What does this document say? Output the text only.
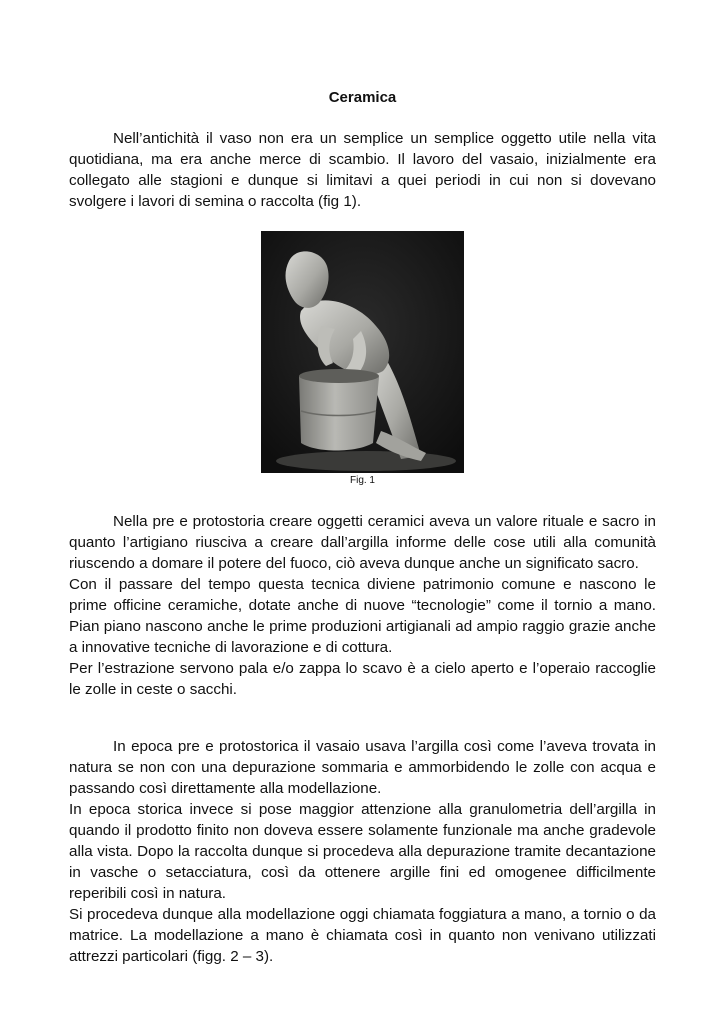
Ceramica

Nell’antichità il vaso non era un semplice un semplice oggetto utile nella vita quotidiana, ma era anche merce di scambio. Il lavoro del vasaio, inizialmente era collegato alle stagioni e dunque si limitavi a quei periodi in cui non si dovevano svolgere i lavori di semina o raccolta (fig 1).

Fig. 1

Nella pre e protostoria creare oggetti ceramici aveva un valore rituale e sacro in quanto l’artigiano riusciva a creare dall’argilla informe delle cose utili alla comunità riuscendo a domare il potere del fuoco, ciò aveva dunque anche un significato sacro.

Con il passare del tempo questa tecnica diviene patrimonio comune e nascono le prime officine ceramiche, dotate anche di nuove “tecnologie” come il tornio a mano. Pian piano nascono anche le prime produzioni artigianali ad ampio raggio grazie anche a innovative tecniche di lavorazione e di cottura.

Per l’estrazione servono pala e/o zappa lo scavo è a cielo aperto e l’operaio raccoglie le zolle in ceste o sacchi.

In epoca pre e protostorica il vasaio usava l’argilla così come l’aveva trovata in natura se non con una depurazione sommaria e ammorbidendo le zolle con acqua e passando così direttamente alla modellazione.

In epoca storica invece si pose maggior attenzione alla granulometria dell’argilla in quando il prodotto finito non doveva essere solamente funzionale ma anche gradevole alla vista. Dopo la raccolta dunque si procedeva alla depurazione tramite decantazione in vasche o setacciatura, così da ottenere argille fini ed omogenee difficilmente reperibili così in natura.

Si procedeva dunque alla modellazione oggi chiamata foggiatura a mano, a tornio o da matrice. La modellazione a mano è chiamata così in quanto non venivano utilizzati attrezzi particolari (figg. 2 – 3).
